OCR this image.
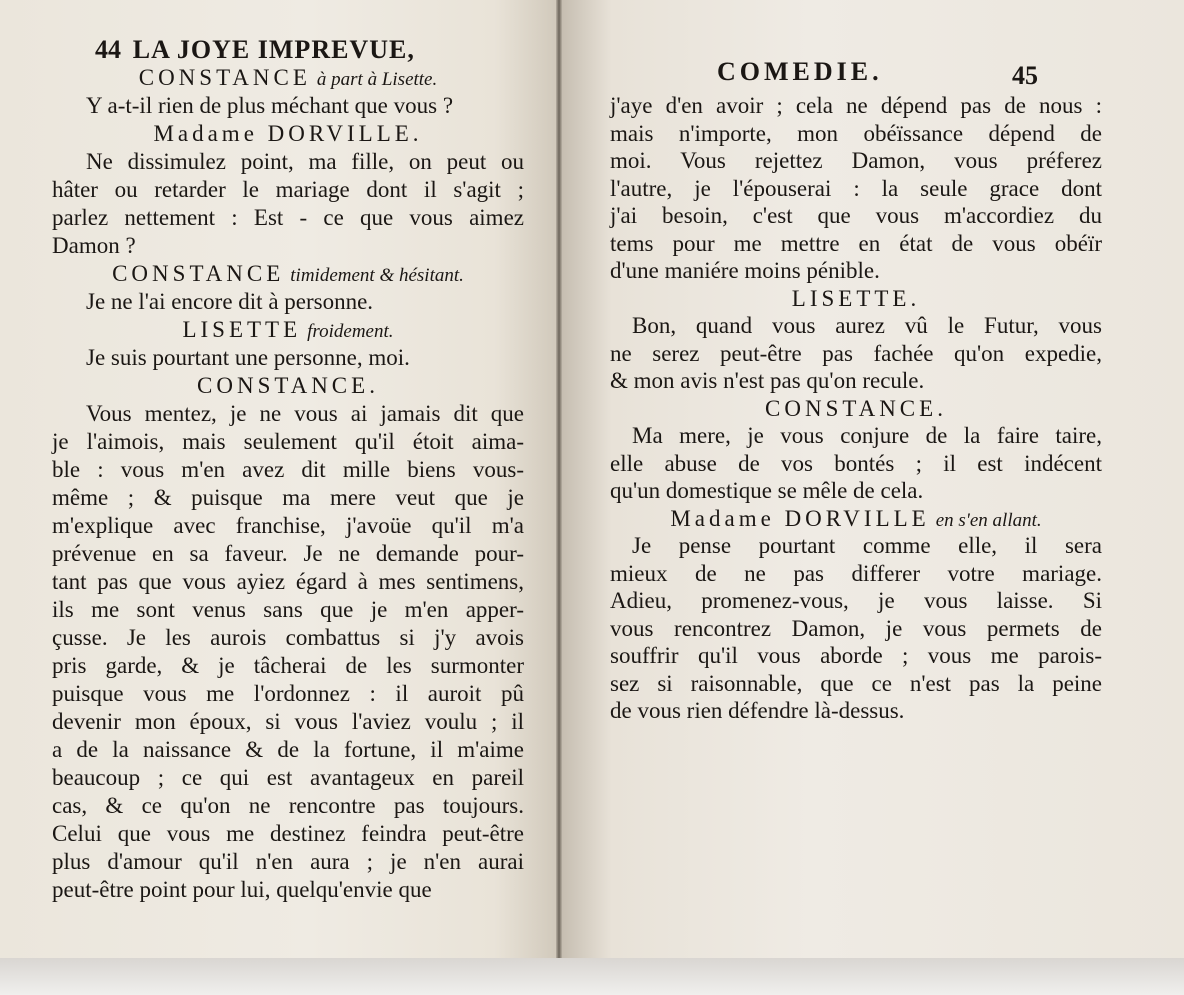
44 LA JOYE IMPREVUE,
CONSTANCE à part à Lisette.
Y a-t-il rien de plus méchant que vous ?
Madame DORVILLE.
Ne dissimulez point, ma fille, on peut ou
hâter ou retarder le mariage dont il s'agit ;
parlez nettement : Est - ce que vous aimez
Damon ?
CONSTANCE timidement & hésitant.
Je ne l'ai encore dit à personne.
LISETTE froidement.
Je suis pourtant une personne, moi.
CONSTANCE.
Vous mentez, je ne vous ai jamais dit que
je l'aimois, mais seulement qu'il étoit aima-
ble : vous m'en avez dit mille biens vous-
même ; & puisque ma mere veut que je
m'explique avec franchise, j'avoüe qu'il m'a
prévenue en sa faveur. Je ne demande pour-
tant pas que vous ayiez égard à mes sentimens,
ils me sont venus sans que je m'en apper-
çusse. Je les aurois combattus si j'y avois
pris garde, & je tâcherai de les surmonter
puisque vous me l'ordonnez : il auroit pû
devenir mon époux, si vous l'aviez voulu ; il
a de la naissance & de la fortune, il m'aime
beaucoup ; ce qui est avantageux en pareil
cas, & ce qu'on ne rencontre pas toujours.
Celui que vous me destinez feindra peut-être
plus d'amour qu'il n'en aura ; je n'en aurai
peut-être point pour lui, quelqu'envie que
COMEDIE.	45
j'aye d'en avoir ; cela ne dépend pas de nous :
mais n'importe, mon obéïssance dépend de
moi. Vous rejettez Damon, vous préferez
l'autre, je l'épouserai : la seule grace dont
j'ai besoin, c'est que vous m'accordiez du
tems pour me mettre en état de vous obéïr
d'une maniére moins pénible.
LISETTE.
Bon, quand vous aurez vû le Futur, vous
ne serez peut-être pas fachée qu'on expedie,
& mon avis n'est pas qu'on recule.
CONSTANCE.
Ma mere, je vous conjure de la faire taire,
elle abuse de vos bontés ; il est indécent
qu'un domestique se mêle de cela.
Madame DORVILLE en s'en allant.
Je pense pourtant comme elle, il sera
mieux de ne pas differer votre mariage.
Adieu, promenez-vous, je vous laisse. Si
vous rencontrez Damon, je vous permets de
souffrir qu'il vous aborde ; vous me parois-
sez si raisonnable, que ce n'est pas la peine
de vous rien défendre là-dessus.
